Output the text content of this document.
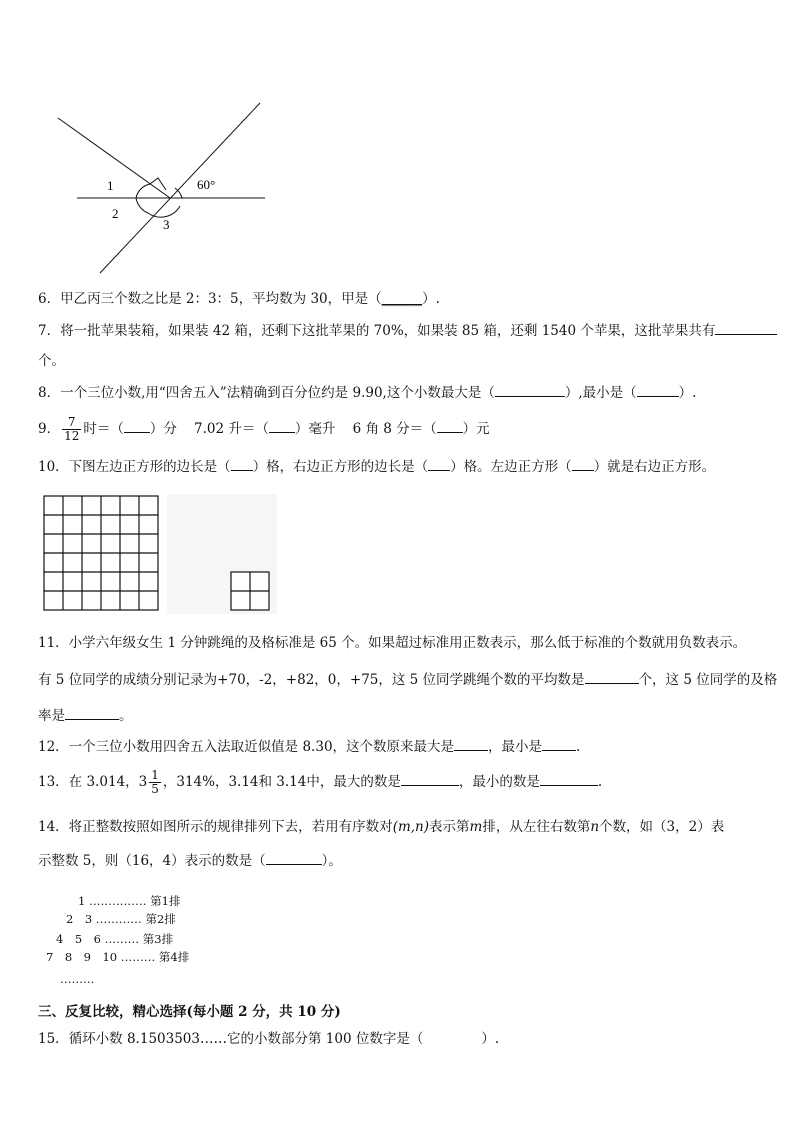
1
2
3
60°
6．甲乙丙三个数之比是 2：3：5，平均数为 30，甲是（______）.
7．将一批苹果装箱，如果装 42 箱，还剩下这批苹果的 70%，如果装 85 箱，还剩 1540 个苹果，这批苹果共有
个。
8．一个三位小数,用“四舍五入”法精确到百分位约是 9.90,这个小数最大是（	）,最小是（	）.
9． $\frac{7}{12}$ 时＝（ ）分 7.02 升＝（ ）毫升 6 角 8 分＝（ ）元
10．下图左边正方形的边长是（ ）格，右边正方形的边长是（ ）格。左边正方形（ ）就是右边正方形。
11．小学六年级女生 1 分钟跳绳的及格标准是 65 个。如果超过标准用正数表示，那么低于标准的个数就用负数表示。
有 5 位同学的成绩分别记录为+70，-2，+82，0，+75，这 5 位同学跳绳个数的平均数是	个，这 5 位同学的及格
率是	。
12．一个三位小数用四舍五入法取近似值是 8.30，这个数原来最大是	，最小是	.
13．在 3.014，$3 \frac{1}{5}$ ，314%，3.14和 3.14中，最大的数是	，最小的数是	.
14．将正整数按照如图所示的规律排列下去，若用有序数对(m,n)表示第m排，从左往右数第n个数，如（3，2）表
示整数 5，则（16，4）表示的数是（	）。
1 …………… 第1排
2　3 ………… 第2排
4　5　6 ……… 第3排
7　8　9　10 ……… 第4排
………
三、反复比较，精心选择(每小题 2 分，共 10 分)
15．循环小数 8.1503503……它的小数部分第 100 位数字是（	）.
